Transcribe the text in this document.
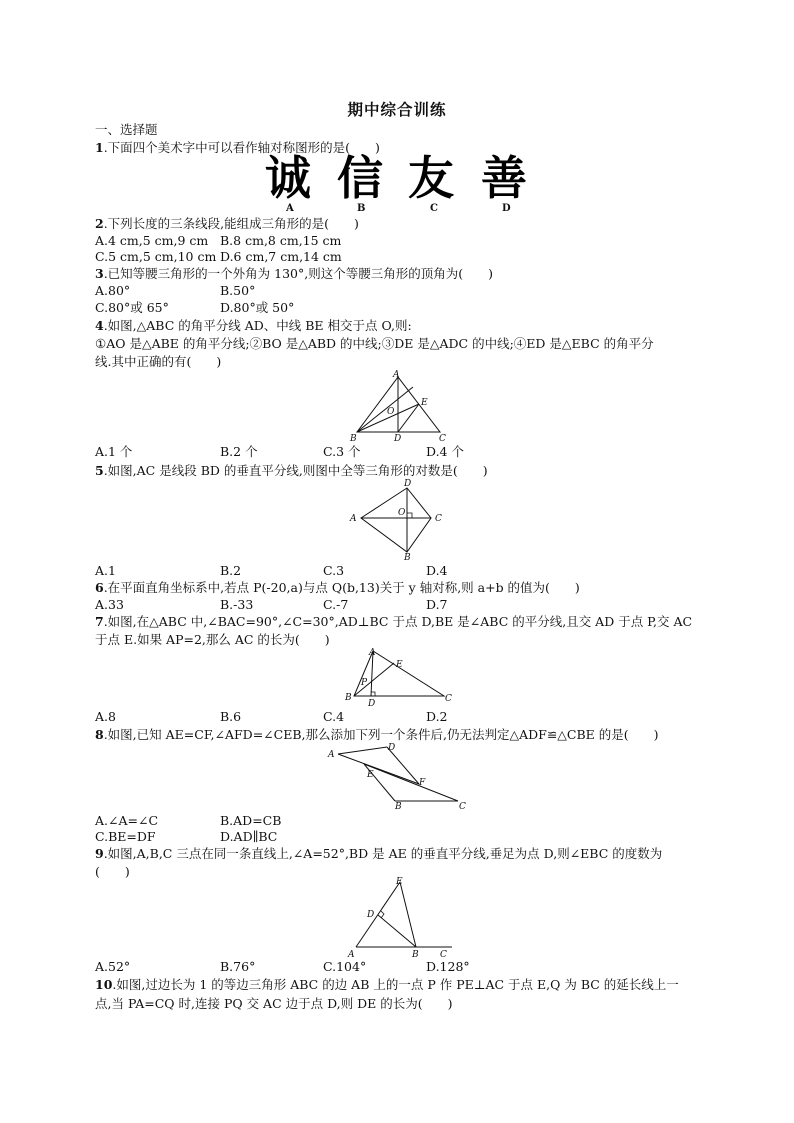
期中综合训练
一、选择题
1.下面四个美术字中可以看作轴对称图形的是(　　)
诚 信 友 善
A	B	C	D
2.下列长度的三条线段,能组成三角形的是(　　)
A.4 cm,5 cm,9 cm B.8 cm,8 cm,15 cm
C.5 cm,5 cm,10 cm D.6 cm,7 cm,14 cm
3.已知等腰三角形的一个外角为 130°,则这个等腰三角形的顶角为(　　)
A.80°	B.50°
C.80°或 65°	D.80°或 50°
4.如图,△ABC 的角平分线 AD、中线 BE 相交于点 O,则:
①AO 是△ABE 的角平分线;②BO 是△ABD 的中线;③DE 是△ADC 的中线;④ED 是△EBC 的角平分
线.其中正确的有(　　)
A
E
O
B	D	C
A.1 个	B.2 个	C.3 个	D.4 个
5.如图,AC 是线段 BD 的垂直平分线,则图中全等三角形的对数是(　　)
D
A
O
C
B
A.1	B.2	C.3	D.4
6.在平面直角坐标系中,若点 P(-20,a)与点 Q(b,13)关于 y 轴对称,则 a+b 的值为(　　)
A.33	B.-33	C.-7	D.7
7.如图,在△ABC 中,∠BAC=90°,∠C=30°,AD⊥BC 于点 D,BE 是∠ABC 的平分线,且交 AD 于点 P,交 AC
于点 E.如果 AP=2,那么 AC 的长为(　　)
A
E
P
B
D	C
A.8	B.6	C.4	D.2
8.如图,已知 AE=CF,∠AFD=∠CEB,那么添加下列一个条件后,仍无法判定△ADF≌△CBE 的是(　　)
A
D
E
F
B	C
A.∠A=∠C	B.AD=CB
C.BE=DF	D.AD∥BC
9.如图,A,B,C 三点在同一条直线上,∠A=52°,BD 是 AE 的垂直平分线,垂足为点 D,则∠EBC 的度数为
(　　)
E
D
A	B C
A.52°	B.76°	C.104°	D.128°
10.如图,过边长为 1 的等边三角形 ABC 的边 AB 上的一点 P 作 PE⊥AC 于点 E,Q 为 BC 的延长线上一
点,当 PA=CQ 时,连接 PQ 交 AC 边于点 D,则 DE 的长为(　　)
